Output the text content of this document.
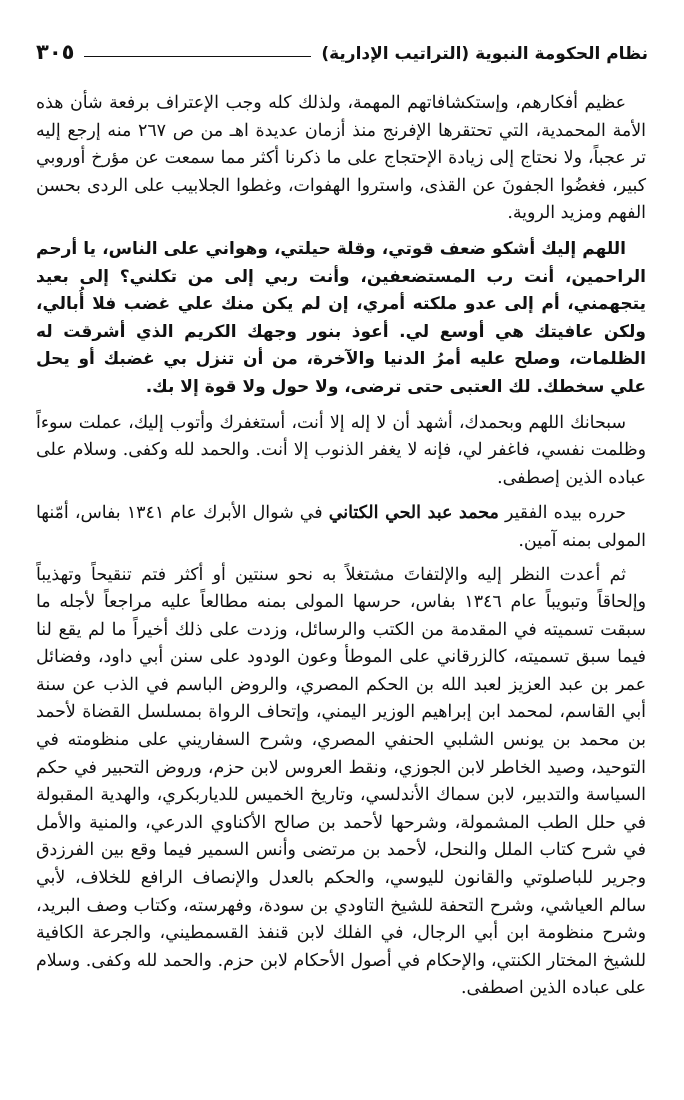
نظام الحكومة النبوية (التراتيب الإدارية)
٣٠٥

عظيم أفكارهم، وإستكشافاتهم المهمة، ولذلك كله وجب الإعتراف برفعة شأن هذه الأمة المحمدية، التي تحتقرها الإفرنج منذ أزمان عديدة اهـ من ص ٢٦٧ منه إرجع إليه تر عجباً، ولا نحتاج إلى زيادة الإحتجاج على ما ذكرنا أكثر مما سمعت عن مؤرخ أوروبي كبير، فغضُوا الجفونَ عن القذى، واستروا الهفوات، وغطوا الجلابيب على الردى بحسن الفهم ومزيد الروية.

اللهم إليك أشكو ضعف قوتي، وقلة حيلتي، وهواني على الناس، يا أرحم الراحمين، أنت رب المستضعفين، وأنت ربي إلى من تكلني؟ إلى بعيد يتجهمني، أم إلى عدو ملكته أمري، إن لم يكن منك علي غضب فلا أُبالي، ولكن عافيتك هي أوسع لي. أعوذ بنور وجهك الكريم الذي أشرقت له الظلمات، وصلح عليه أمرُ الدنيا والآخرة، من أن تنزل بي غضبك أو يحل علي سخطك. لك العتبى حتى ترضى، ولا حول ولا قوة إلا بك.

سبحانك اللهم وبحمدك، أشهد أن لا إله إلا أنت، أستغفرك وأتوب إليك، عملت سوءاً وظلمت نفسي، فاغفر لي، فإنه لا يغفر الذنوب إلا أنت. والحمد لله وكفى. وسلام على عباده الذين إصطفى.

حرره بيده الفقير محمد عبد الحي الكتاني في شوال الأبرك عام ١٣٤١ بفاس، أمّنها المولى بمنه آمين.

ثم أعدت النظر إليه والإلتفاتَ مشتغلاً به نحو سنتين أو أكثر فتم تنقيحاً وتهذيباً وإلحاقاً وتبويباً عام ١٣٤٦ بفاس، حرسها المولى بمنه مطالعاً عليه مراجعاً لأجله ما سبقت تسميته في المقدمة من الكتب والرسائل، وزدت على ذلك أخيراً ما لم يقع لنا فيما سبق تسميته، كالزرقاني على الموطأ وعون الودود على سنن أبي داود، وفضائل عمر بن عبد العزيز لعبد الله بن الحكم المصري، والروض الباسم في الذب عن سنة أبي القاسم، لمحمد ابن إبراهيم الوزير اليمني، وإتحاف الرواة بمسلسل القضاة لأحمد بن محمد بن يونس الشلبي الحنفي المصري، وشرح السفاريني على منظومته في التوحيد، وصيد الخاطر لابن الجوزي، ونقط العروس لابن حزم، وروض التحبير في حكم السياسة والتدبير، لابن سماك الأندلسي، وتاريخ الخميس للدياربكري، والهدية المقبولة في حلل الطب المشمولة، وشرحها لأحمد بن صالح الأكناوي الدرعي، والمنية والأمل في شرح كتاب الملل والنحل، لأحمد بن مرتضى وأنس السمير فيما وقع بين الفرزدق وجرير للباصلوتي والقانون لليوسي، والحكم بالعدل والإنصاف الرافع للخلاف، لأبي سالم العياشي، وشرح التحفة للشيخ التاودي بن سودة، وفهرسته، وكتاب وصف البريد، وشرح منظومة ابن أبي الرجال، في الفلك لابن قنفذ القسمطيني، والجرعة الكافية للشيخ المختار الكنتي، والإحكام في أصول الأحكام لابن حزم. والحمد لله وكفى. وسلام على عباده الذين اصطفى.
